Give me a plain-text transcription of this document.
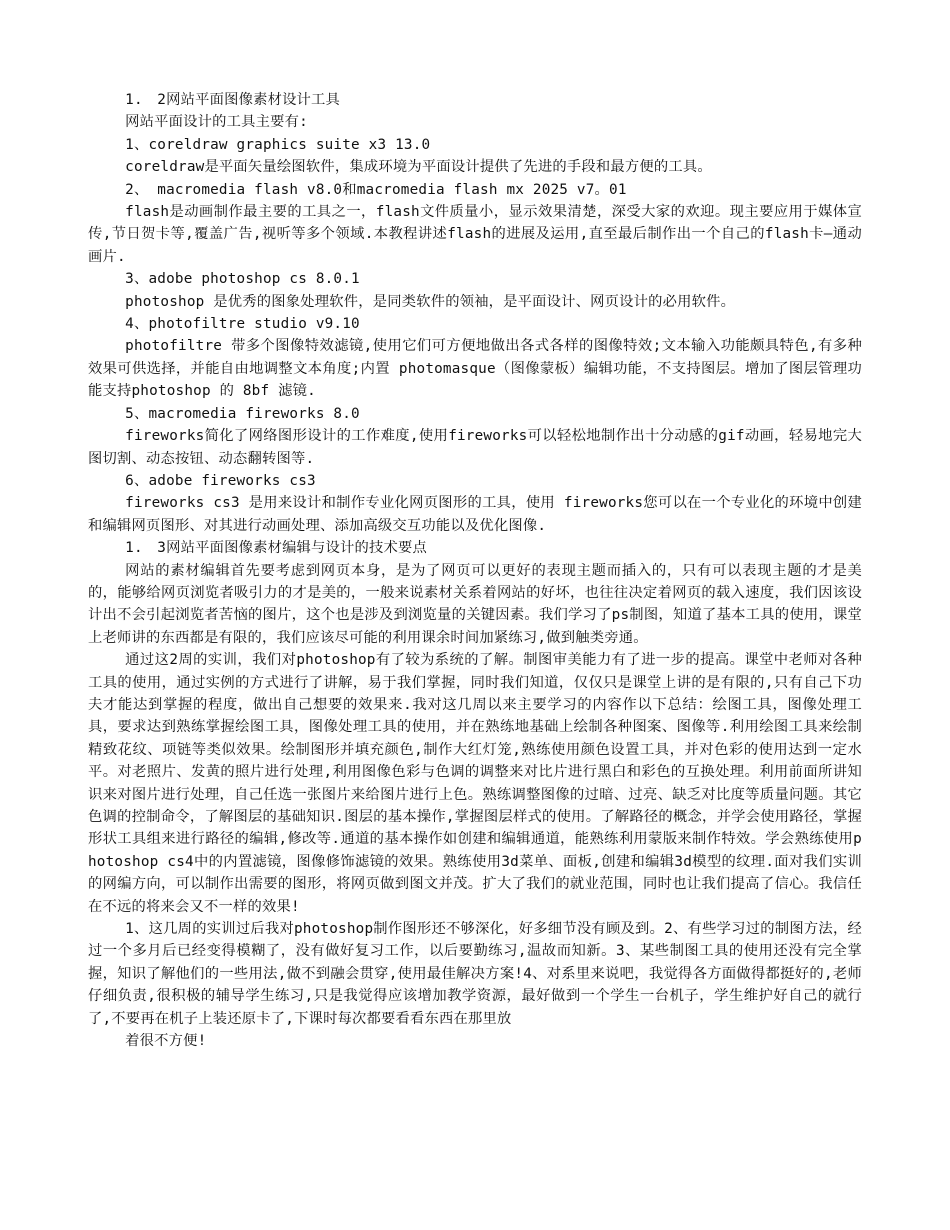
1.　2网站平面图像素材设计工具

网站平面设计的工具主要有:

1、coreldraw graphics suite x3 13.0

coreldraw是平面矢量绘图软件，集成环境为平面设计提供了先进的手段和最方便的工具。

2、 macromedia flash v8.0和macromedia flash mx 2025 v7。01

flash是动画制作最主要的工具之一，flash文件质量小，显示效果清楚，深受大家的欢迎。现主要应用于媒体宣传,节日贺卡等,覆盖广告,视听等多个领域.本教程讲述flash的进展及运用,直至最后制作出一个自己的flash卡—通动画片.

3、adobe photoshop cs 8.0.1

photoshop 是优秀的图象处理软件，是同类软件的领袖，是平面设计、网页设计的必用软件。

4、photofiltre studio v9.10

photofiltre 带多个图像特效滤镜,使用它们可方便地做出各式各样的图像特效;文本输入功能颇具特色,有多种效果可供选择，并能自由地调整文本角度;内置 photomasque（图像蒙板）编辑功能，不支持图层。增加了图层管理功能支持photoshop 的 8bf 滤镜.

5、macromedia fireworks 8.0

fireworks简化了网络图形设计的工作难度,使用fireworks可以轻松地制作出十分动感的gif动画，轻易地完大图切割、动态按钮、动态翻转图等.

6、adobe fireworks cs3

fireworks cs3 是用来设计和制作专业化网页图形的工具，使用 fireworks您可以在一个专业化的环境中创建和编辑网页图形、对其进行动画处理、添加高级交互功能以及优化图像.

1.　3网站平面图像素材编辑与设计的技术要点

网站的素材编辑首先要考虑到网页本身，是为了网页可以更好的表现主题而插入的，只有可以表现主题的才是美的，能够给网页浏览者吸引力的才是美的，一般来说素材关系着网站的好坏，也往往决定着网页的载入速度，我们因该设计出不会引起浏览者苦恼的图片，这个也是涉及到浏览量的关键因素。我们学习了ps制图，知道了基本工具的使用，课堂上老师讲的东西都是有限的，我们应该尽可能的利用课余时间加紧练习,做到触类旁通。

通过这2周的实训，我们对photoshop有了较为系统的了解。制图审美能力有了进一步的提高。课堂中老师对各种工具的使用，通过实例的方式进行了讲解，易于我们掌握，同时我们知道，仅仅只是课堂上讲的是有限的,只有自己下功夫才能达到掌握的程度，做出自己想要的效果来.我对这几周以来主要学习的内容作以下总结：绘图工具，图像处理工具，要求达到熟练掌握绘图工具，图像处理工具的使用，并在熟练地基础上绘制各种图案、图像等.利用绘图工具来绘制精致花纹、项链等类似效果。绘制图形并填充颜色,制作大红灯笼,熟练使用颜色设置工具，并对色彩的使用达到一定水平。对老照片、发黄的照片进行处理,利用图像色彩与色调的调整来对比片进行黑白和彩色的互换处理。利用前面所讲知识来对图片进行处理，自己任选一张图片来给图片进行上色。熟练调整图像的过暗、过亮、缺乏对比度等质量问题。其它色调的控制命令，了解图层的基础知识.图层的基本操作,掌握图层样式的使用。了解路径的概念，并学会使用路径，掌握形状工具组来进行路径的编辑,修改等.通道的基本操作如创建和编辑通道，能熟练利用蒙版来制作特效。学会熟练使用photoshop cs4中的内置滤镜，图像修饰滤镜的效果。熟练使用3d菜单、面板,创建和编辑3d模型的纹理.面对我们实训的网编方向，可以制作出需要的图形，将网页做到图文并茂。扩大了我们的就业范围，同时也让我们提高了信心。我信任在不远的将来会又不一样的效果!

1、这几周的实训过后我对photoshop制作图形还不够深化，好多细节没有顾及到。2、有些学习过的制图方法，经过一个多月后已经变得模糊了，没有做好复习工作，以后要勤练习,温故而知新。3、某些制图工具的使用还没有完全掌握，知识了解他们的一些用法,做不到融会贯穿,使用最佳解决方案!4、对系里来说吧，我觉得各方面做得都挺好的,老师仔细负责,很积极的辅导学生练习,只是我觉得应该增加教学资源，最好做到一个学生一台机子，学生维护好自己的就行了,不要再在机子上装还原卡了,下课时每次都要看看东西在那里放

着很不方便!
